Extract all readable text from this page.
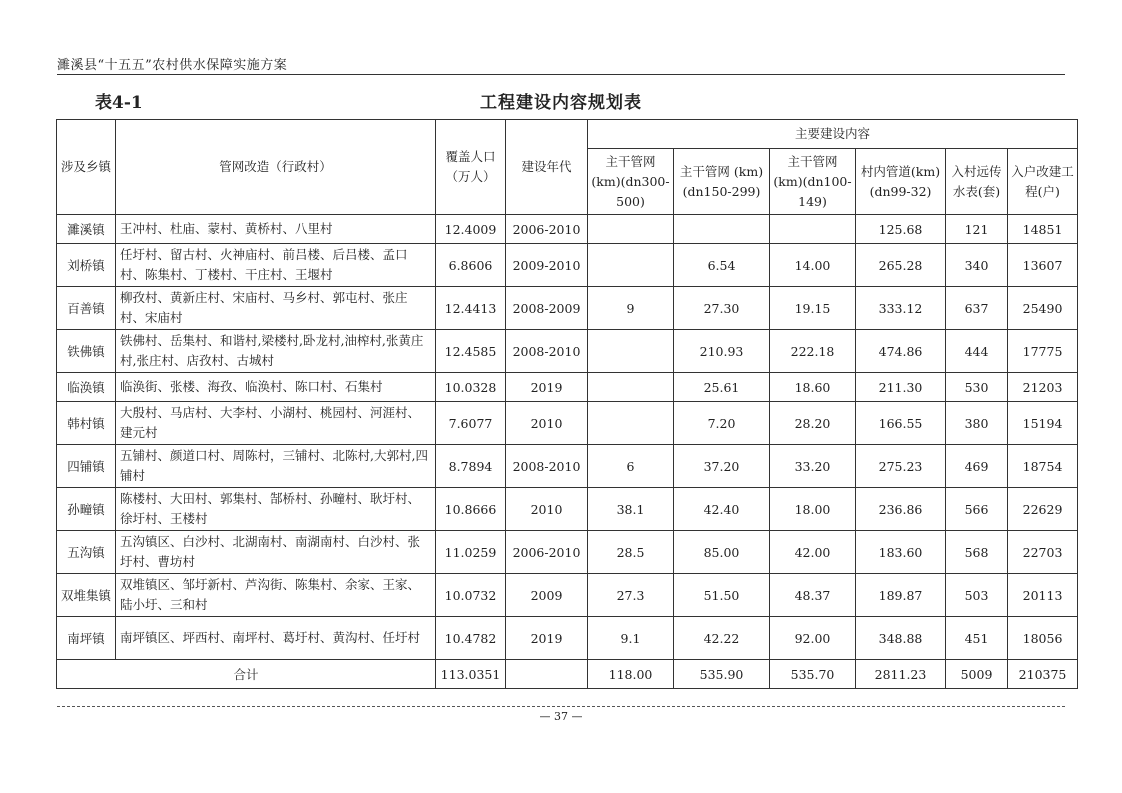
濉溪县“十五五”农村供水保障实施方案
表4-1	工程建设内容规划表
涉及乡镇	管网改造（行政村）	覆盖人口（万人）	建设年代	主要建设内容					
				主干管网(km)(dn300-500)	主干管网 (km)(dn150-299)	主干管网(km)(dn100-149)	村内管道(km)(dn99-32)	入村远传水表(套)	入户改建工程(户)
濉溪镇	王冲村、杜庙、蒙村、黄桥村、八里村	12.4009	2006-2010				125.68	121	14851
刘桥镇	任圩村、留古村、火神庙村、前吕楼、后吕楼、孟口村、陈集村、丁楼村、干庄村、王堰村	6.8606	2009-2010		6.54	14.00	265.28	340	13607
百善镇	柳孜村、黄新庄村、宋庙村、马乡村、郭屯村、张庄村、宋庙村	12.4413	2008-2009	9	27.30	19.15	333.12	637	25490
铁佛镇	铁佛村、岳集村、和谐村,梁楼村,卧龙村,油榨村,张黄庄村,张庄村、店孜村、古城村	12.4585	2008-2010		210.93	222.18	474.86	444	17775
临涣镇	临涣街、张楼、海孜、临涣村、陈口村、石集村	10.0328	2019		25.61	18.60	211.30	530	21203
韩村镇	大殷村、马店村、大李村、小湖村、桃园村、河涯村、建元村	7.6077	2010		7.20	28.20	166.55	380	15194
四铺镇	五铺村、颜道口村、周陈村，三铺村、北陈村,大郭村,四铺村	8.7894	2008-2010	6	37.20	33.20	275.23	469	18754
孙疃镇	陈楼村、大田村、郭集村、郜桥村、孙疃村、耿圩村、徐圩村、王楼村	10.8666	2010	38.1	42.40	18.00	236.86	566	22629
五沟镇	五沟镇区、白沙村、北湖南村、南湖南村、白沙村、张圩村、曹坊村	11.0259	2006-2010	28.5	85.00	42.00	183.60	568	22703
双堆集镇	双堆镇区、邹圩新村、芦沟街、陈集村、余家、王家、陆小圩、三和村	10.0732	2009	27.3	51.50	48.37	189.87	503	20113
南坪镇	南坪镇区、坪西村、南坪村、葛圩村、黄沟村、任圩村	10.4782	2019	9.1	42.22	92.00	348.88	451	18056
合计		113.0351		118.00	535.90	535.70	2811.23	5009	210375
— 37 —
